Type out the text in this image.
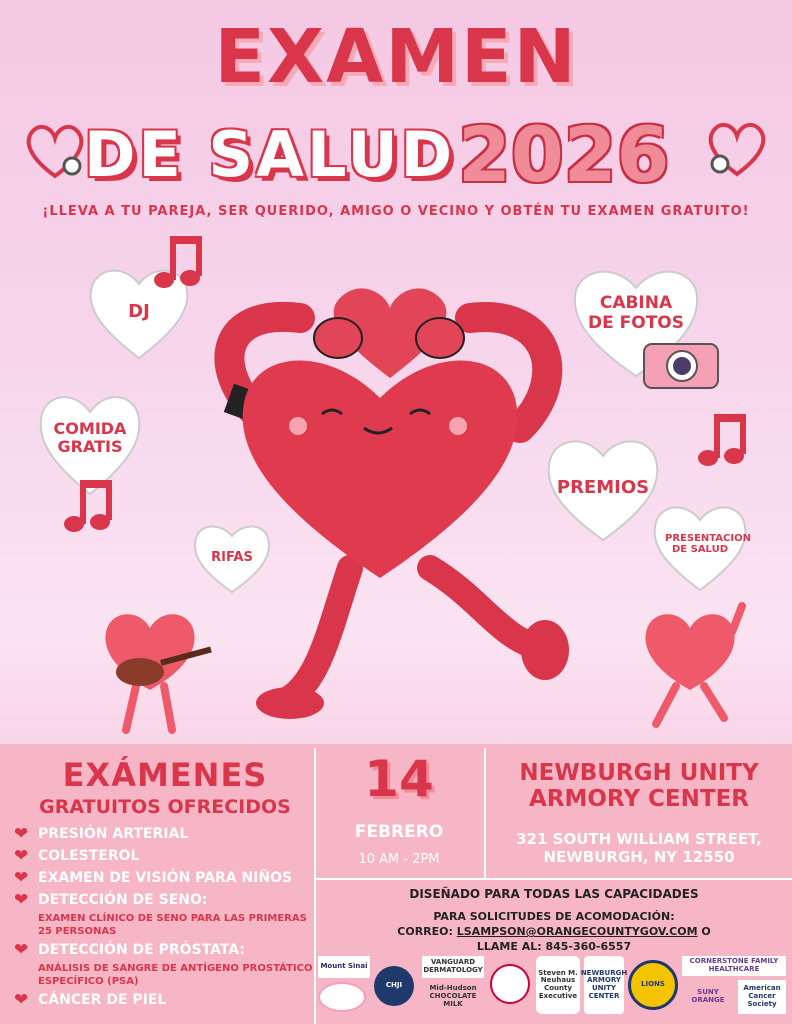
EXAMEN
DE SALUD 2026
¡LLEVA A TU PAREJA, SER QUERIDO, AMIGO O VECINO Y OBTÉN TU EXAMEN GRATUITO!
DJ	CABINA DE FOTOS
COMIDA GRATIS
PREMIOS
PRESENTACION DE SALUD
RIFAS
EXÁMENES
GRATUITOS OFRECIDOS
❤ PRESIÓN ARTERIAL
❤ COLESTEROL
❤ EXAMEN DE VISIÓN PARA NIÑOS
❤ DETECCIÓN DE SENO:
EXAMEN CLÍNICO DE SENO PARA LAS PRIMERAS 25 PERSONAS
❤ DETECCIÓN DE PRÓSTATA:
ANÁLISIS DE SANGRE DE ANTÍGENO PROSTÁTICO ESPECÍFICO (PSA)
❤ CÁNCER DE PIEL
14
FEBRERO
10 AM - 2PM
NEWBURGH UNITY ARMORY CENTER
321 SOUTH WILLIAM STREET,
NEWBURGH, NY 12550
DISEÑADO PARA TODAS LAS CAPACIDADES
PARA SOLICITUDES DE ACOMODACIÓN:
CORREO: LSAMPSON@ORANGECOUNTYGOV.COM O
LLAME AL: 845-360-6557
Mount Sinai
CHJI
VANGUARD DERMATOLOGY
Mid-Hudson CHOCOLATE MILK
Steven M. Neuhaus County Executive
NEWBURGH ARMORY UNITY CENTER
LIONS
CORNERSTONE FAMILY HEALTHCARE
SUNY ORANGE
American Cancer Society
